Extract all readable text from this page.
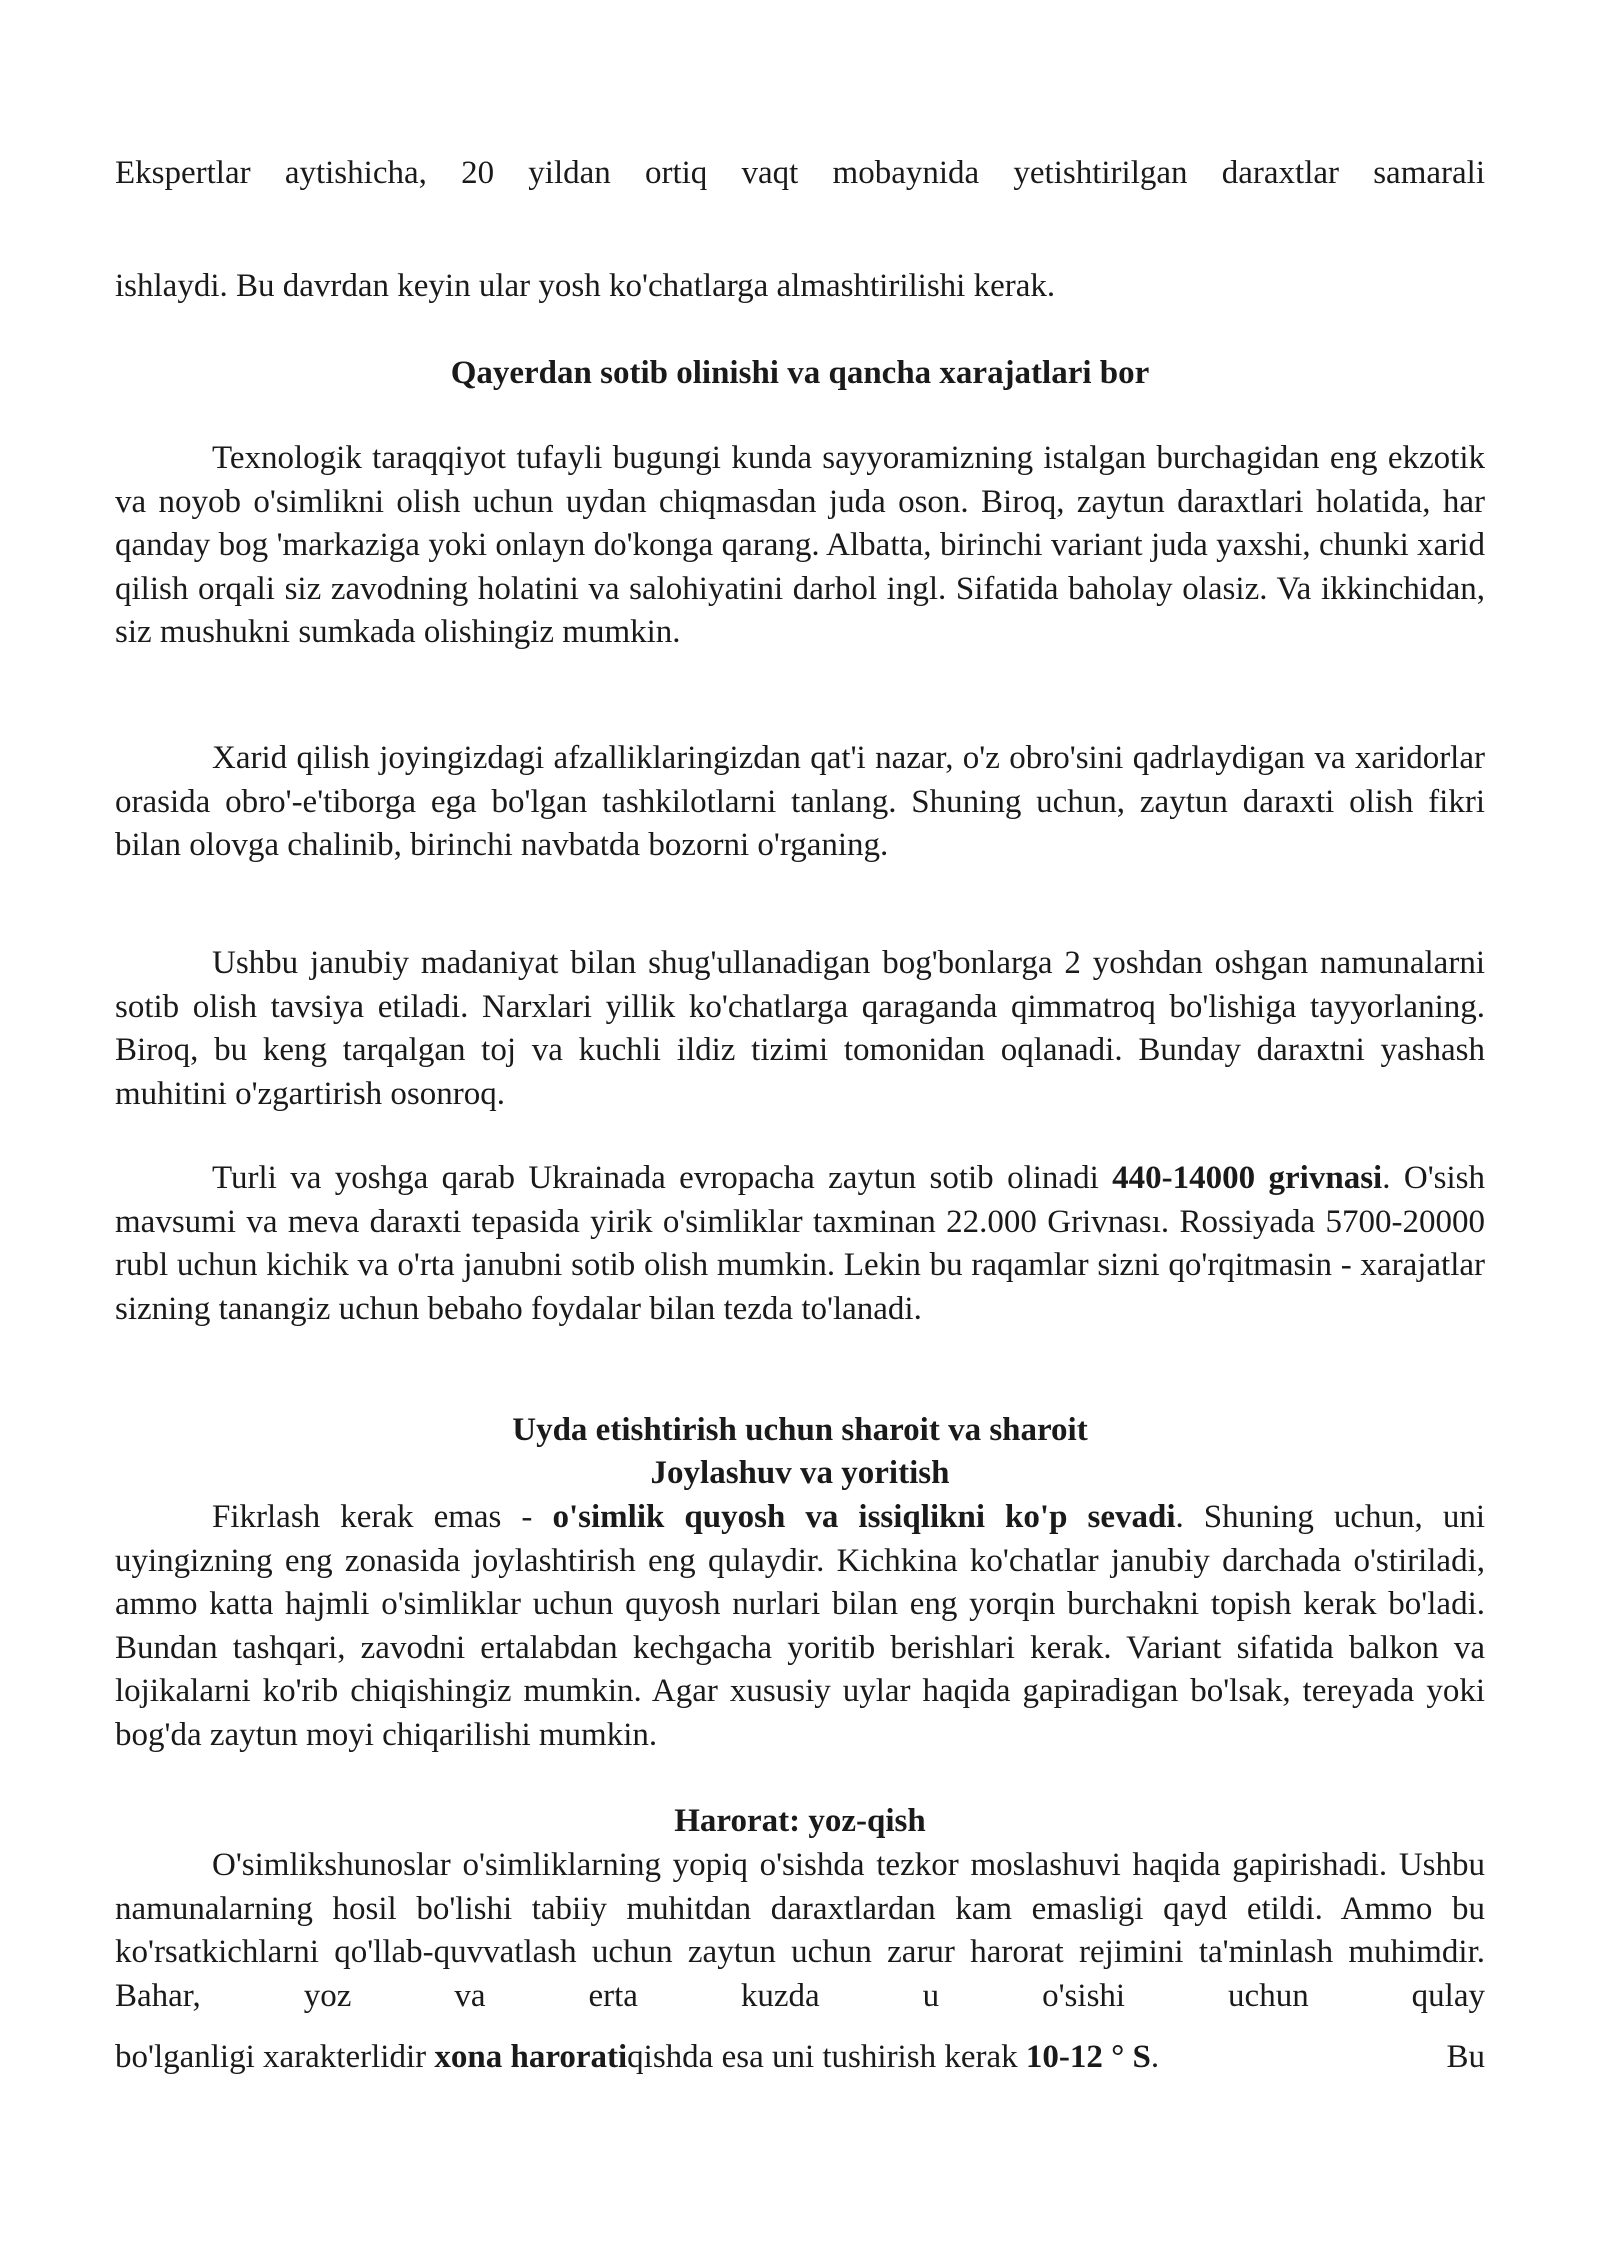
Ekspertlar aytishicha, 20 yildan ortiq vaqt mobaynida yetishtirilgan daraxtlar samarali

ishlaydi. Bu davrdan keyin ular yosh ko'chatlarga almashtirilishi kerak.

Qayerdan sotib olinishi va qancha xarajatlari bor

Texnologik taraqqiyot tufayli bugungi kunda sayyoramizning istalgan burchagidan eng ekzotik va noyob o'simlikni olish uchun uydan chiqmasdan juda oson. Biroq, zaytun daraxtlari holatida, har qanday bog 'markaziga yoki onlayn do'konga qarang. Albatta, birinchi variant juda yaxshi, chunki xarid qilish orqali siz zavodning holatini va salohiyatini darhol ingl. Sifatida baholay olasiz. Va ikkinchidan, siz mushukni sumkada olishingiz mumkin.

Xarid qilish joyingizdagi afzalliklaringizdan qat'i nazar, o'z obro'sini qadrlaydigan va xaridorlar orasida obro'-e'tiborga ega bo'lgan tashkilotlarni tanlang. Shuning uchun, zaytun daraxti olish fikri bilan olovga chalinib, birinchi navbatda bozorni o'rganing.

Ushbu janubiy madaniyat bilan shug'ullanadigan bog'bonlarga 2 yoshdan oshgan namunalarni sotib olish tavsiya etiladi. Narxlari yillik ko'chatlarga qaraganda qimmatroq bo'lishiga tayyorlaning. Biroq, bu keng tarqalgan toj va kuchli ildiz tizimi tomonidan oqlanadi. Bunday daraxtni yashash muhitini o'zgartirish osonroq.

Turli va yoshga qarab Ukrainada evropacha zaytun sotib olinadi 440-14000 grivnasi. O'sish mavsumi va meva daraxti tepasida yirik o'simliklar taxminan 22.000 Grivnası. Rossiyada 5700-20000 rubl uchun kichik va o'rta janubni sotib olish mumkin. Lekin bu raqamlar sizni qo'rqitmasin - xarajatlar sizning tanangiz uchun bebaho foydalar bilan tezda to'lanadi.

Uyda etishtirish uchun sharoit va sharoit

Joylashuv va yoritish

Fikrlash kerak emas - o'simlik quyosh va issiqlikni ko'p sevadi. Shuning uchun, uni uyingizning eng zonasida joylashtirish eng qulaydir. Kichkina ko'chatlar janubiy darchada o'stiriladi, ammo katta hajmli o'simliklar uchun quyosh nurlari bilan eng yorqin burchakni topish kerak bo'ladi. Bundan tashqari, zavodni ertalabdan kechgacha yoritib berishlari kerak. Variant sifatida balkon va lojikalarni ko'rib chiqishingiz mumkin. Agar xususiy uylar haqida gapiradigan bo'lsak, tereyada yoki bog'da zaytun moyi chiqarilishi mumkin.

Harorat: yoz-qish

O'simlikshunoslar o'simliklarning yopiq o'sishda tezkor moslashuvi haqida gapirishadi. Ushbu namunalarning hosil bo'lishi tabiiy muhitdan daraxtlardan kam emasligi qayd etildi. Ammo bu ko'rsatkichlarni qo'llab-quvvatlash uchun zaytun uchun zarur harorat rejimini ta'minlash muhimdir. Bahar, yoz va erta kuzda u o'sishi uchun qulay

bo'lganligi xarakterlidir xona haroratiqishda esa uni tushirish kerak 10-12 ° S.	Bu
